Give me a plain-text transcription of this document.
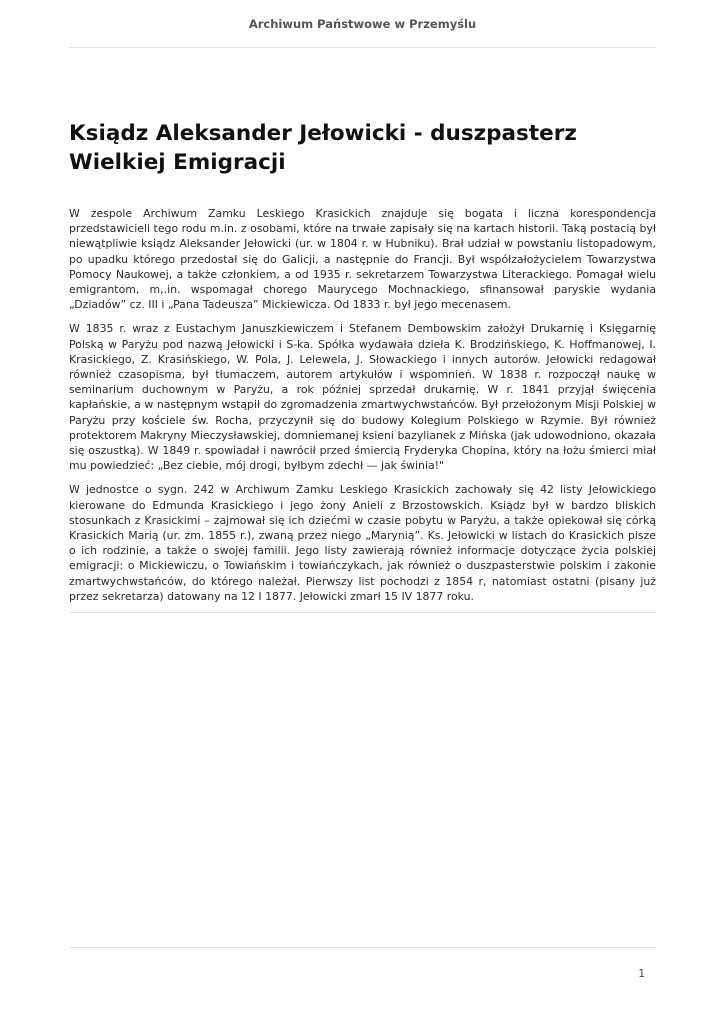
Archiwum Państwowe w Przemyślu
Ksiądz Aleksander Jełowicki - duszpasterz Wielkiej Emigracji

W zespole Archiwum Zamku Leskiego Krasickich znajduje się bogata i liczna korespondencja przedstawicieli tego rodu m.in. z osobami, które na trwałe zapisały się na kartach historii. Taką postacią był niewątpliwie ksiądz Aleksander Jełowicki (ur. w 1804 r. w Hubniku). Brał udział w powstaniu listopadowym, po upadku którego przedostał się do Galicji, a następnie do Francji. Był współzałożycielem Towarzystwa Pomocy Naukowej, a także członkiem, a od 1935 r. sekretarzem Towarzystwa Literackiego. Pomagał wielu emigrantom, m,.in. wspomagał chorego Maurycego Mochnackiego, sfinansował paryskie wydania „Dziadów” cz. III i „Pana Tadeusza” Mickiewicza. Od 1833 r. był jego mecenasem.

W 1835 r. wraz z Eustachym Januszkiewiczem i Stefanem Dembowskim założył Drukarnię i Księgarnię Polską w Paryżu pod nazwą Jełowicki i S-ka. Spółka wydawała dzieła K. Brodzińskiego, K. Hoffmanowej, I. Krasickiego, Z. Krasińskiego, W. Pola, J. Lelewela, J. Słowackiego i innych autorów. Jełowicki redagował również czasopisma, był tłumaczem, autorem artykułów i wspomnień. W 1838 r. rozpoczął naukę w seminarium duchownym w Paryżu, a rok później sprzedał drukarnię. W r. 1841 przyjął święcenia kapłańskie, a w następnym wstąpił do zgromadzenia zmartwychwstańców. Był przełożonym Misji Polskiej w Paryżu przy kościele św. Rocha, przyczynił się do budowy Kolegium Polskiego w Rzymie. Był również protektorem Makryny Mieczysławskiej, domniemanej ksieni bazylianek z Mińska (jak udowodniono, okazała się oszustką). W 1849 r. spowiadał i nawrócił przed śmiercią Fryderyka Chopina, który na łożu śmierci miał mu powiedzieć: „Bez ciebie, mój drogi, byłbym zdechł — jak świnia!"

W jednostce o sygn. 242 w Archiwum Zamku Leskiego Krasickich zachowały się 42 listy Jełowickiego kierowane do Edmunda Krasickiego i jego żony Anieli z Brzostowskich. Ksiądz był w bardzo bliskich stosunkach z Krasickimi – zajmował się ich dziećmi w czasie pobytu w Paryżu, a także opiekował się córką Krasickich Marią (ur. zm. 1855 r.), zwaną przez niego „Marynią”. Ks. Jełowicki w listach do Krasickich pisze o ich rodzinie, a także o swojej familii. Jego listy zawierają również informacje dotyczące życia polskiej emigracji: o Mickiewiczu, o Towiańskim i towiańczykach, jak również o duszpasterstwie polskim i zakonie zmartwychwstańców, do którego należał. Pierwszy list pochodzi z 1854 r, natomiast ostatni (pisany już przez sekretarza) datowany na 12 I 1877. Jełowicki zmarł 15 IV 1877 roku.

1
